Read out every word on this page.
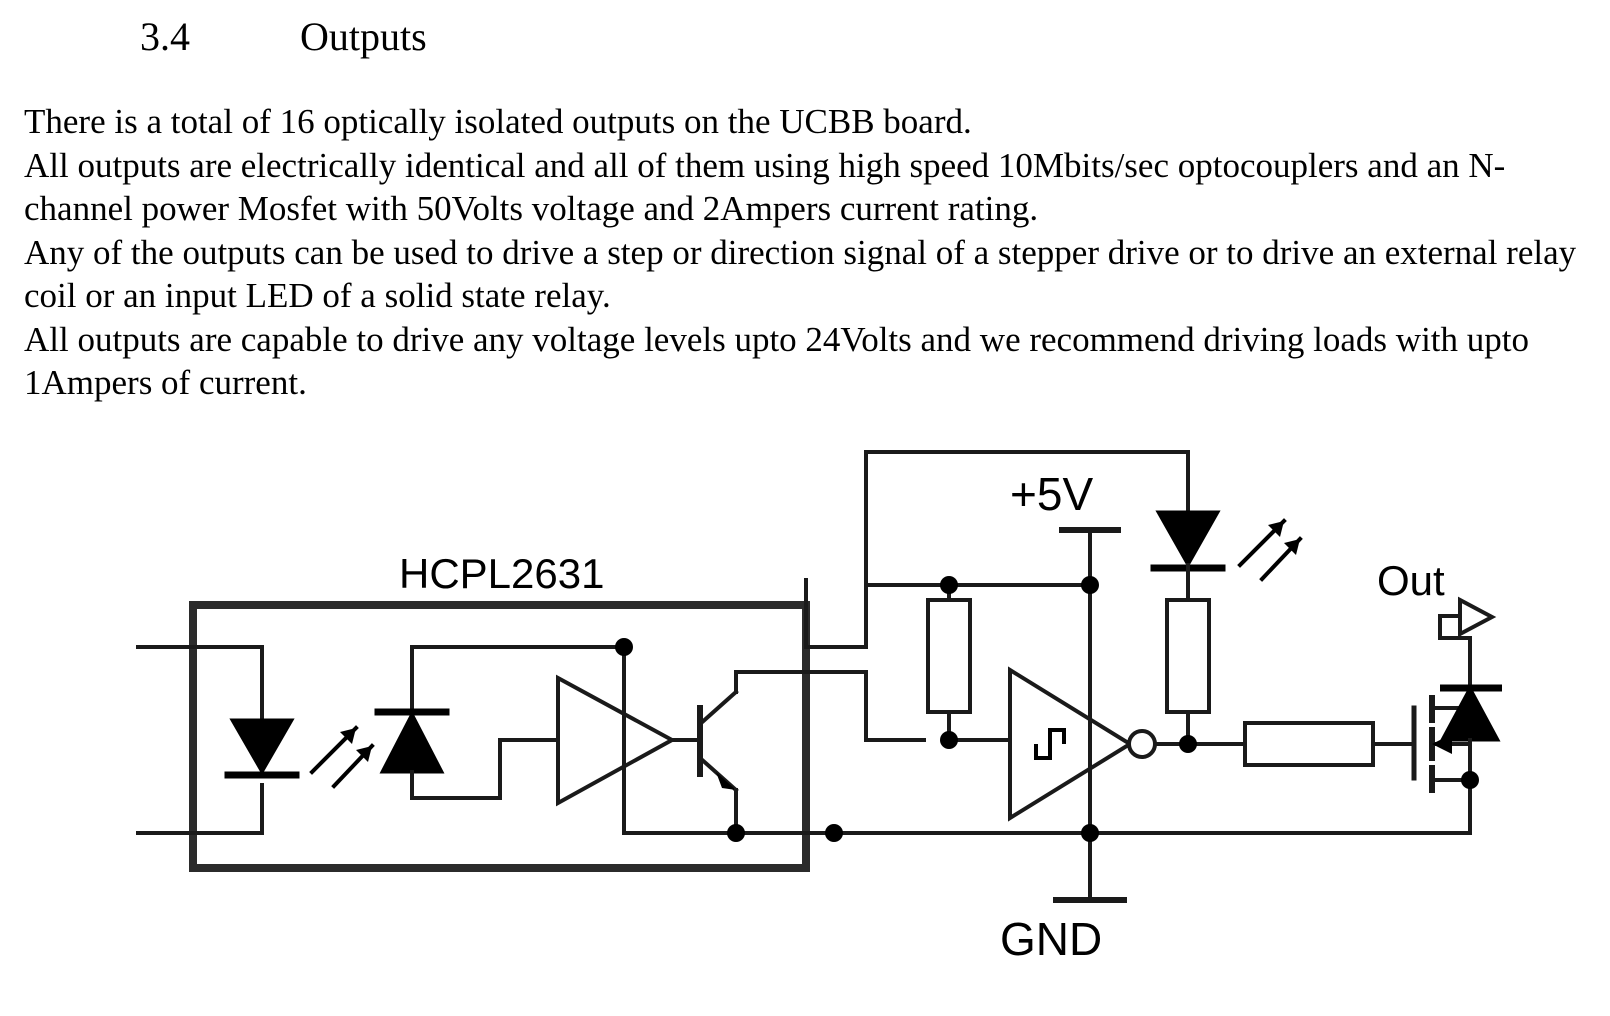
3.4	Outputs

There is a total of 16 optically isolated outputs on the UCBB board.

All outputs are electrically identical and all of them using high speed 10Mbits/sec optocouplers and an N-channel power Mosfet with 50Volts voltage and 2Ampers current rating.

Any of the outputs can be used to drive a step or direction signal of a stepper drive or to drive an external relay coil or an input LED of a solid state relay.

All outputs are capable to drive any voltage levels upto 24Volts and we recommend driving loads with upto 1Ampers of current.

HCPL2631
+5V
GND
Out
